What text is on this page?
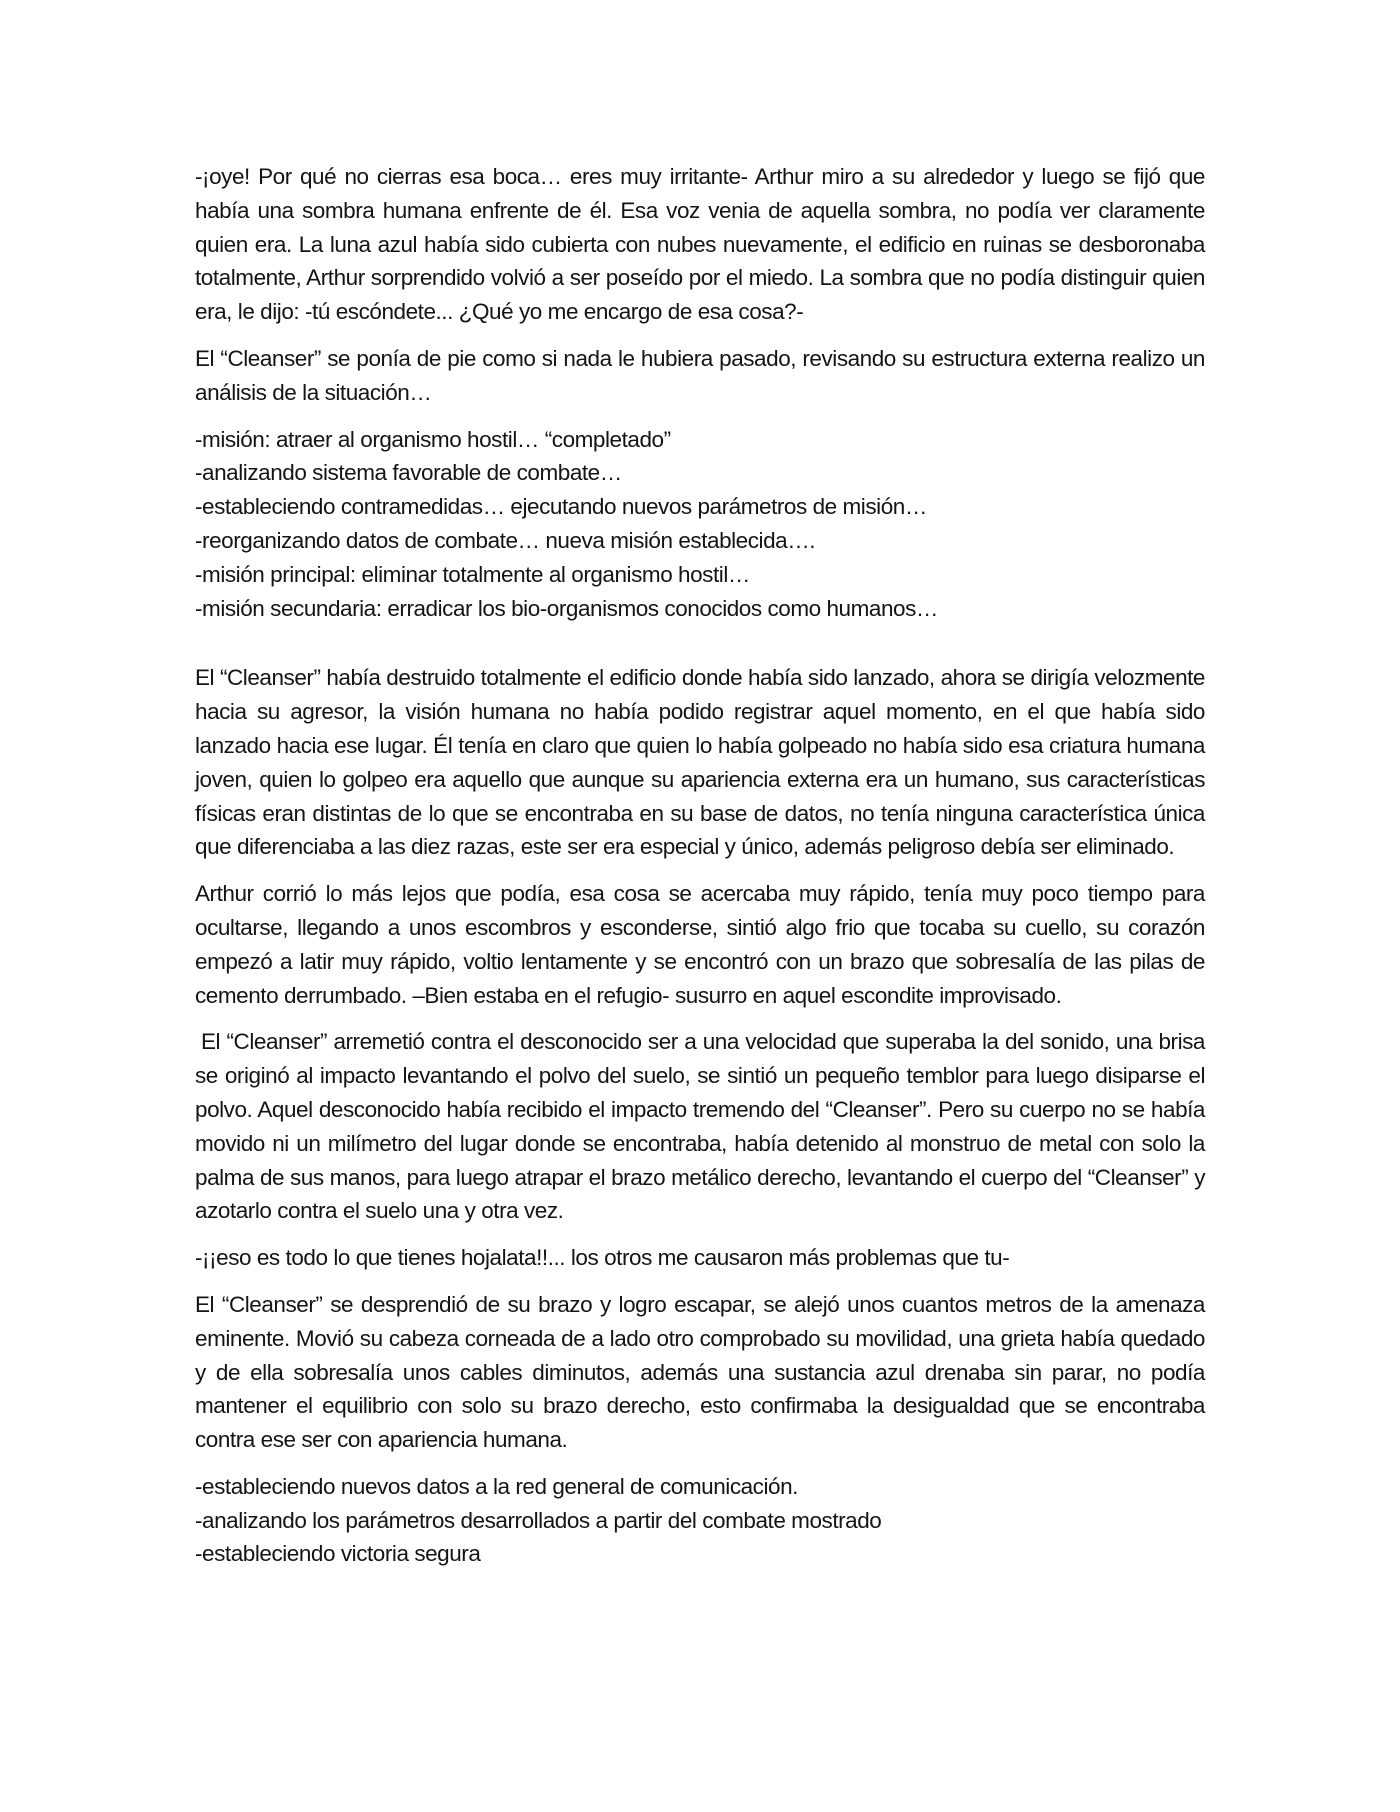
-¡oye! Por qué no cierras esa boca… eres muy irritante- Arthur miro a su alrededor y luego se fijó que había una sombra humana enfrente de él. Esa voz venia de aquella sombra, no podía ver claramente quien era. La luna azul había sido cubierta con nubes nuevamente, el edificio en ruinas se desboronaba totalmente, Arthur sorprendido volvió a ser poseído por el miedo. La sombra que no podía distinguir quien era, le dijo: -tú escóndete... ¿Qué yo me encargo de esa cosa?-

El “Cleanser” se ponía de pie como si nada le hubiera pasado, revisando su estructura externa realizo un análisis de la situación…

-misión: atraer al organismo hostil… “completado”
-analizando sistema favorable de combate…
-estableciendo contramedidas… ejecutando nuevos parámetros de misión…
-reorganizando datos de combate… nueva misión establecida….
-misión principal: eliminar totalmente al organismo hostil…
-misión secundaria: erradicar los bio-organismos conocidos como humanos…

El “Cleanser” había destruido totalmente el edificio donde había sido lanzado, ahora se dirigía velozmente hacia su agresor, la visión humana no había podido registrar aquel momento, en el que había sido lanzado hacia ese lugar. Él tenía en claro que quien lo había golpeado no había sido esa criatura humana joven, quien lo golpeo era aquello que aunque su apariencia externa era un humano, sus características físicas eran distintas de lo que se encontraba en su base de datos, no tenía ninguna característica única que diferenciaba a las diez razas, este ser era especial y único, además peligroso debía ser eliminado.

Arthur corrió lo más lejos que podía, esa cosa se acercaba muy rápido, tenía muy poco tiempo para ocultarse, llegando a unos escombros y esconderse, sintió algo frio que tocaba su cuello, su corazón empezó a latir muy rápido, voltio lentamente y se encontró con un brazo que sobresalía de las pilas de cemento derrumbado. –Bien estaba en el refugio- susurro en aquel escondite improvisado.

El “Cleanser” arremetió contra el desconocido ser a una velocidad que superaba la del sonido, una brisa se originó al impacto levantando el polvo del suelo, se sintió un pequeño temblor para luego disiparse el polvo. Aquel desconocido había recibido el impacto tremendo del “Cleanser”. Pero su cuerpo no se había movido ni un milímetro del lugar donde se encontraba, había detenido al monstruo de metal con solo la palma de sus manos, para luego atrapar el brazo metálico derecho, levantando el cuerpo del “Cleanser” y azotarlo contra el suelo una y otra vez.

-¡¡eso es todo lo que tienes hojalata!!... los otros me causaron más problemas que tu-

El “Cleanser” se desprendió de su brazo y logro escapar, se alejó unos cuantos metros de la amenaza eminente. Movió su cabeza corneada de a lado otro comprobado su movilidad, una grieta había quedado y de ella sobresalía unos cables diminutos, además una sustancia azul drenaba sin parar, no podía mantener el equilibrio con solo su brazo derecho, esto confirmaba la desigualdad que se encontraba contra ese ser con apariencia humana.

-estableciendo nuevos datos a la red general de comunicación.
-analizando los parámetros desarrollados a partir del combate mostrado
-estableciendo victoria segura
